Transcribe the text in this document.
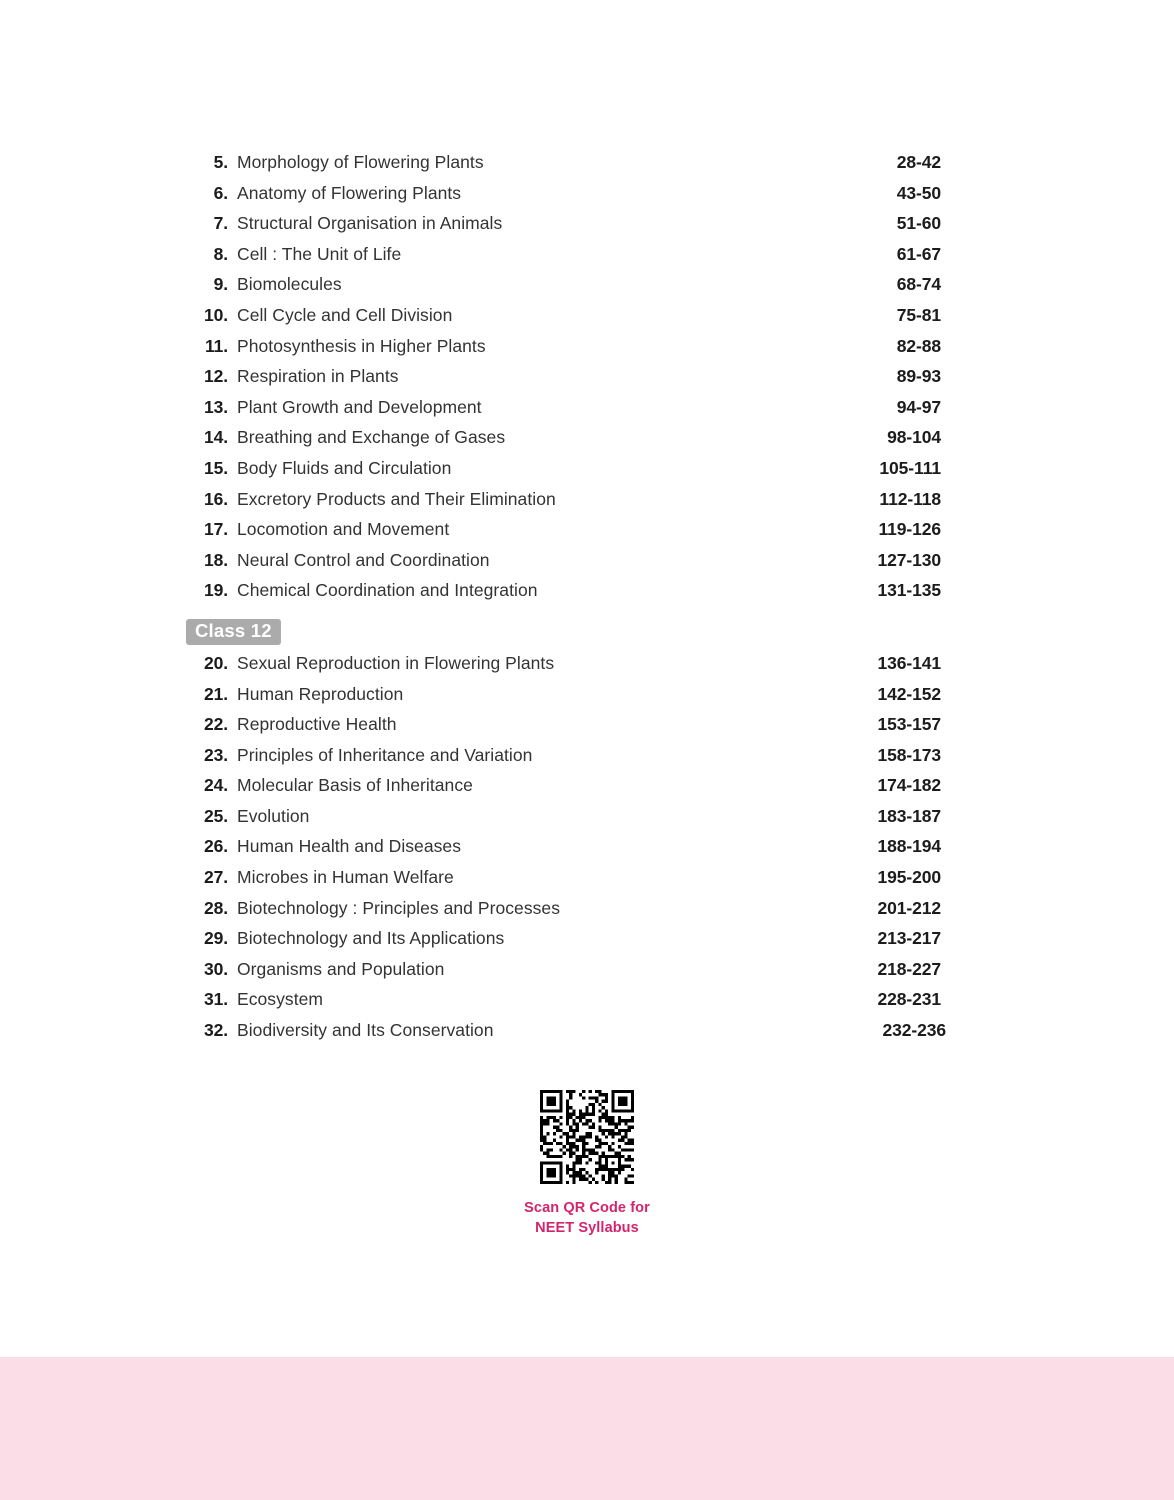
5. Morphology of Flowering Plants	28-42
6. Anatomy of Flowering Plants	43-50
7. Structural Organisation in Animals	51-60
8. Cell : The Unit of Life	61-67
9. Biomolecules	68-74
10. Cell Cycle and Cell Division	75-81
11. Photosynthesis in Higher Plants	82-88
12. Respiration in Plants	89-93
13. Plant Growth and Development	94-97
14. Breathing and Exchange of Gases	98-104
15. Body Fluids and Circulation	105-111
16. Excretory Products and Their Elimination	112-118
17. Locomotion and Movement	119-126
18. Neural Control and Coordination	127-130
19. Chemical Coordination and Integration	131-135
Class 12
20. Sexual Reproduction in Flowering Plants	136-141
21. Human Reproduction	142-152
22. Reproductive Health	153-157
23. Principles of Inheritance and Variation	158-173
24. Molecular Basis of Inheritance	174-182
25. Evolution	183-187
26. Human Health and Diseases	188-194
27. Microbes in Human Welfare	195-200
28. Biotechnology : Principles and Processes	201-212
29. Biotechnology and Its Applications	213-217
30. Organisms and Population	218-227
31. Ecosystem	228-231
32. Biodiversity and Its Conservation	232-236
Scan QR Code for
NEET Syllabus
